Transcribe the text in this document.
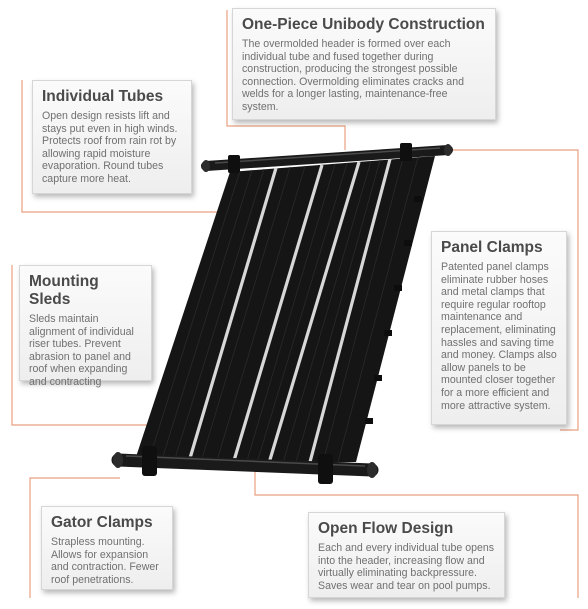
One-Piece Unibody Construction

The overmolded header is formed over each individual tube and fused together during construction, producing the strongest possible connection. Overmolding eliminates cracks and welds for a longer lasting, maintenance-free system.

Individual Tubes

Open design resists lift and stays put even in high winds. Protects roof from rain rot by allowing rapid moisture evaporation. Round tubes capture more heat.

Panel Clamps

Patented panel clamps eliminate rubber hoses and metal clamps that require regular rooftop maintenance and replacement, eliminating hassles and saving time and money. Clamps also allow panels to be mounted closer together for a more efficient and more attractive system.

Mounting Sleds

Sleds maintain alignment of individual riser tubes. Prevent abrasion to panel and roof when expanding and contracting

Gator Clamps

Strapless mounting. Allows for expansion and contraction. Fewer roof penetrations.

Open Flow Design

Each and every individual tube opens into the header, increasing flow and virtually eliminating backpressure. Saves wear and tear on pool pumps.
